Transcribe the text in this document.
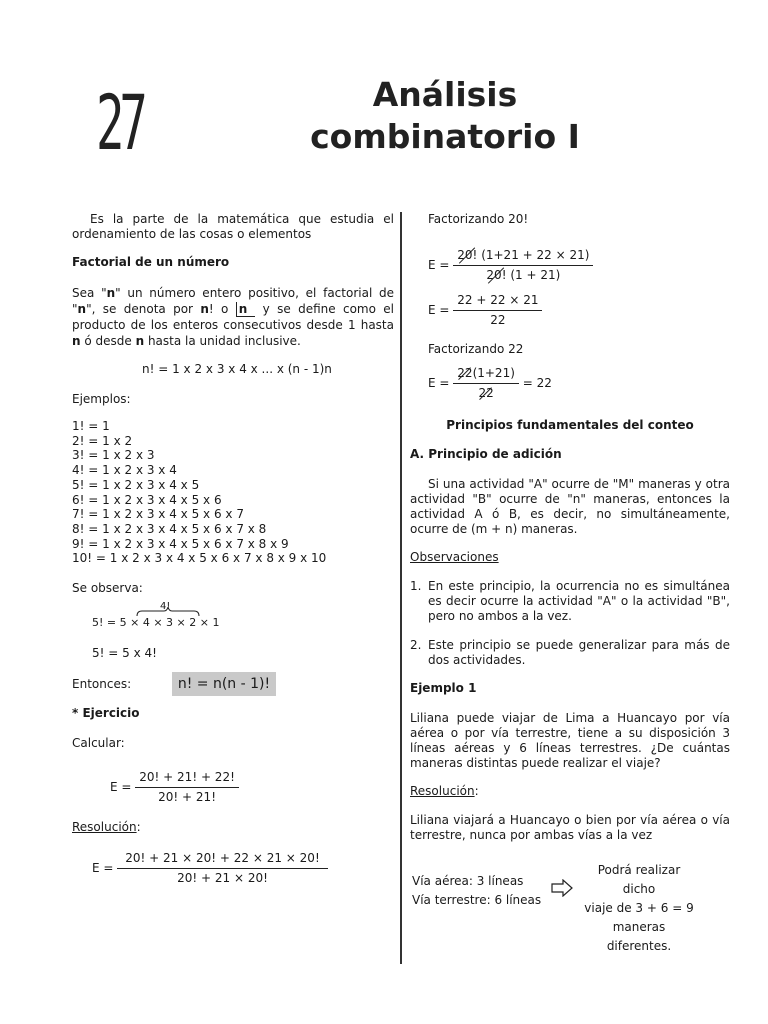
27	Análisis
combinatorio I
Es la parte de la matemática que estudia el ordenamiento de las cosas o elementos
Factorial de un número
Sea "n" un número entero positivo, el factorial de "n", se denota por n! o n y se define como el producto de los enteros consecutivos desde 1 hasta n ó desde n hasta la unidad inclusive.
n! = 1 x 2 x 3 x 4 x ... x (n - 1)n
Ejemplos:
1! = 1
2! = 1 x 2
3! = 1 x 2 x 3
4! = 1 x 2 x 3 x 4
5! = 1 x 2 x 3 x 4 x 5
6! = 1 x 2 x 3 x 4 x 5 x 6
7! = 1 x 2 x 3 x 4 x 5 x 6 x 7
8! = 1 x 2 x 3 x 4 x 5 x 6 x 7 x 8
9! = 1 x 2 x 3 x 4 x 5 x 6 x 7 x 8 x 9
10! = 1 x 2 x 3 x 4 x 5 x 6 x 7 x 8 x 9 x 10
Se observa:
4!
5! = 5 × 4 × 3 × 2 × 1
5! = 5 x 4!
Entonces:	n! = n(n - 1)!
* Ejercicio
Calcular:
$E = \frac{20! + 21! + 22!}{20! + 21!}$
Resolución:
$E = \frac{20! + 21 \times 20! + 22 \times 21 \times 20!}{20! + 21 \times 20!}$
Factorizando 20!
$E = \frac{20! (1+21 + 22 \times 21)}{20! (1 + 21)}$
$E = \frac{22 + 22 \times 21}{22}$
Factorizando 22
$E = \frac{22(1+21)}{22} = 22$
Principios fundamentales del conteo
A. Principio de adición
Si una actividad "A" ocurre de "M" maneras y otra actividad "B" ocurre de "n" maneras, entonces la actividad A ó B, es decir, no simultáneamente, ocurre de (m + n) maneras.
Observaciones
1. En este principio, la ocurrencia no es simultánea es decir ocurre la actividad "A" o la actividad "B", pero no ambos a la vez.
2. Este principio se puede generalizar para más de dos actividades.
Ejemplo 1
Liliana puede viajar de Lima a Huancayo por vía aérea o por vía terrestre, tiene a su disposición 3 líneas aéreas y 6 líneas terrestres. ¿De cuántas maneras distintas puede realizar el viaje?
Resolución:
Liliana viajará a Huancayo o bien por vía aérea o vía terrestre, nunca por ambas vías a la vez
Vía aérea: 3 líneas
Vía terrestre: 6 líneas
Podrá realizar dicho
viaje de 3 + 6 = 9
maneras diferentes.
